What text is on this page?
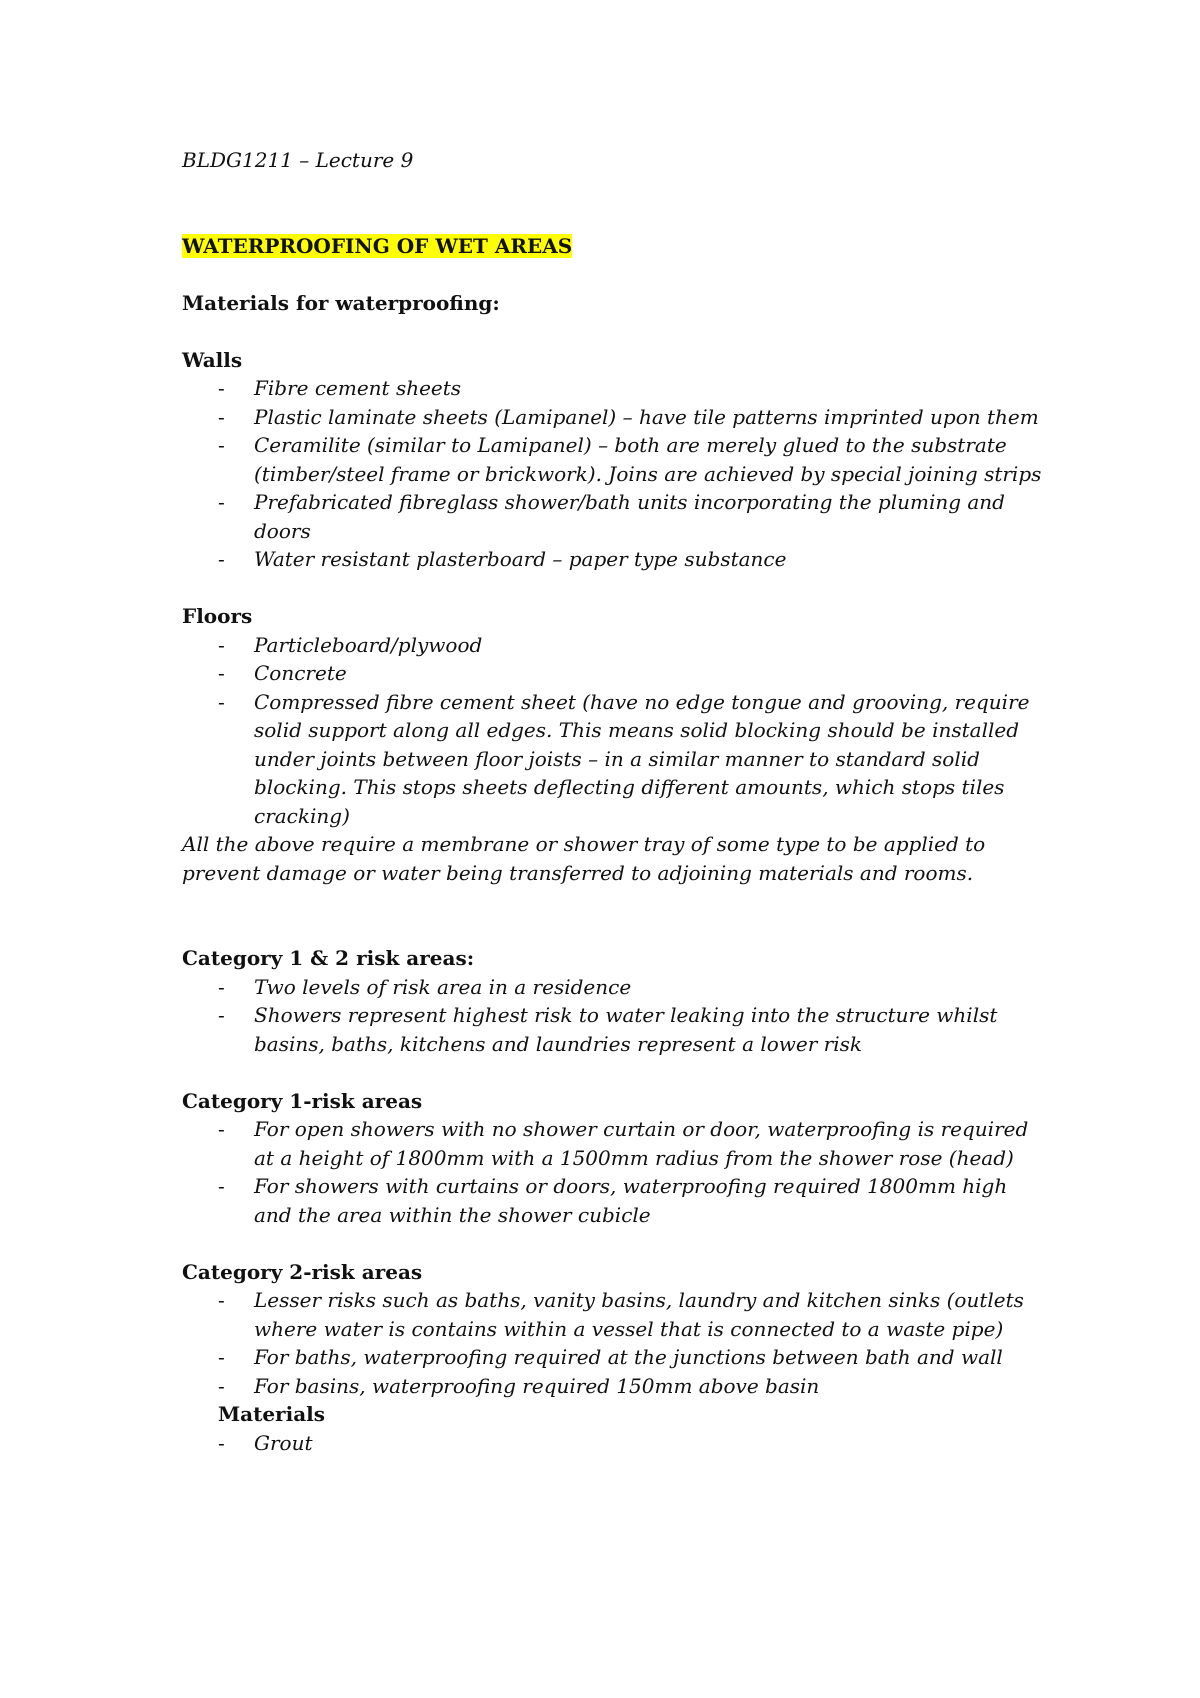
BLDG1211 – Lecture 9

WATERPROOFING OF WET AREAS

Materials for waterproofing:

Walls

- Fibre cement sheets
- Plastic laminate sheets (Lamipanel) – have tile patterns imprinted upon them
- Ceramilite (similar to Lamipanel) – both are merely glued to the substrate (timber/steel frame or brickwork). Joins are achieved by special joining strips
- Prefabricated fibreglass shower/bath units incorporating the pluming and doors
- Water resistant plasterboard – paper type substance

Floors

- Particleboard/plywood
- Concrete
- Compressed fibre cement sheet (have no edge tongue and grooving, require solid support along all edges. This means solid blocking should be installed under joints between floor joists – in a similar manner to standard solid blocking. This stops sheets deflecting different amounts, which stops tiles cracking)

All the above require a membrane or shower tray of some type to be applied to prevent damage or water being transferred to adjoining materials and rooms.

Category 1 & 2 risk areas:

- Two levels of risk area in a residence
- Showers represent highest risk to water leaking into the structure whilst basins, baths, kitchens and laundries represent a lower risk

Category 1-risk areas

- For open showers with no shower curtain or door, waterproofing is required at a height of 1800mm with a 1500mm radius from the shower rose (head)
- For showers with curtains or doors, waterproofing required 1800mm high and the area within the shower cubicle

Category 2-risk areas

- Lesser risks such as baths, vanity basins, laundry and kitchen sinks (outlets where water is contains within a vessel that is connected to a waste pipe)
- For baths, waterproofing required at the junctions between bath and wall
- For basins, waterproofing required 150mm above basin

Materials

- Grout
